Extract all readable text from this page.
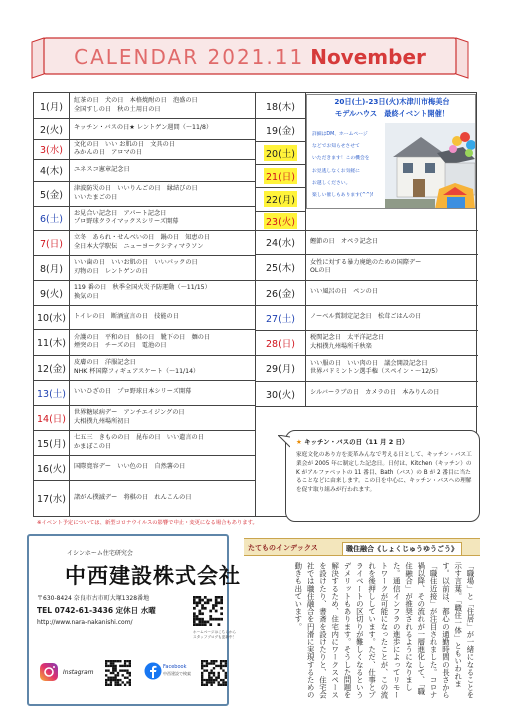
CALENDAR 2021.11 November
20日(土)-23日(火)木津川市梅美台
モデルハウス　最終イベント開催！
詳細はDM、ホームページ
などでお知らせさせて
いただきます！この機会を
お見逃しなくお気軽に
お越しください。
楽しい催しもあります(^^)!
1(月)
紅茶の日　犬の日　本格焼酎の日　泡盛の日
全国すしの日　秋の土用日の日
2(火)	キッチン・バスの日★ レントゲン週間（～11/8）
3(水)
文化の日　いい お肌の日　文具の日
みかんの日　アロマの日
4(木)	ユネスコ憲章記念日
5(金)
津波防災の日　いいりんごの日　縁結びの日
いいたまごの日
6(土)
お見合い記念日　アパート記念日
プロ野球クライマックスシリーズ開幕
7(日)
立冬　あられ・せんべいの日　鍋の日　知恵の日
全日本大学駅伝　ニューヨークシティマラソン
8(月)
いい歯の日　いいお肌の日　いいパックの日
刃物の日　レントゲンの日
9(火)
119 番の日　秋季全国火災予防運動（～11/15）
換気の日
10(水)	トイレの日　断酒宣言の日　技能の日
11(木)
介護の日　平和の日　鮭の日　靴下の日　麺の日
煙突の日　チーズの日　電池の日
12(金)
皮膚の日　洋服記念日
NHK 杯国際フィギュアスケート（～11/14）
13(土)	いいひざの日　プロ野球日本シリーズ開幕
14(日)
世界糖尿病デー　アンチエイジングの日
大相撲九州場所初日
15(月)
七五三　きものの日　昆布の日　いい遺言の日
かまぼこの日
16(火)	国際寛容デー　いい色の日　自然薯の日
17(水)	諸がん撲滅デー　将棋の日　れんこんの日
18(木)
19(金)
20(土)
21(日)
22(月)
23(火)
24(水)	鰹節の日　オペラ記念日
25(木)
女性に対する暴力廃絶のための国際デー
OLの日
26(金)	いい風呂の日　ペンの日
27(土)	ノーベル賞制定記念日　松茸ごはんの日
28(日)
税関記念日　太平洋記念日
大相撲九州場所千秋楽
29(月)
いい服の日　いい肉の日　議会開設記念日
世界バドミントン選手権（スペイン・～12/5）
30(火)	シルバーラブの日　カメラの日　本みりんの日
★ キッチン・バスの日（11 月 2 日）
家庭文化のあり方を変革みんなで考える日として、キッチン・バス工業会が 2005 年に制定した記念日。日付は、Kitchen（キッチン）の K がアルファベットの 11 番目、Bath（バス）の B が 2 番目に当たることなどに由来します。この日を中心に、キッチン・バスへの理解を促す取り組みが行われます。
※イベント予定については、新型コロナウイルスの影響で中止・変更になる場合もあります。
イシンホーム住宅研究会
中西建設株式会社
〒630-8424 奈良市古市町大塚1328番地
TEL 0742-61-3436 定休日 水曜
http://www.nara-nakanishi.com/
ホームページはこちらから
スタッフブログも更新中！
Instagram
Facebook
中西建設で検索
たてものインデックス	職住融合《しょくじゅうゆうごう》
「職場」と「住居」が一緒になることを示す言葉。「職住一体」ともいわれます。以前は、都心の通勤時間の長さから「職住近接」が注目されました。コロナ禍以降、その流れが一層進化して、「職住融合」が推奨されるようになりました。通信インフラの進歩によってリモートワークが可能になったことが、この流れを後押ししています。ただ、仕事とプライベートの区切りが難しくなるというデメリットもあります。そうした問題を解決するため、住宅内にワークスペースを設けたり、書斎を設けたりと、住宅会社では職住融合を円滑に実現するための動きも出ています。
